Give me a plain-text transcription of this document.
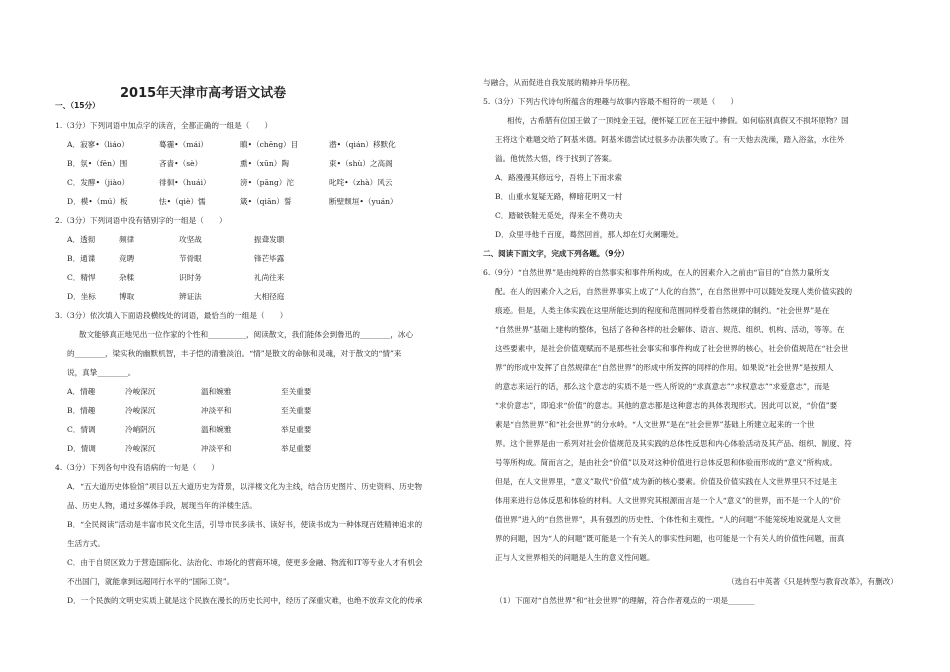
2015年天津市高考语文试卷
一、（15分）
1.（3分）下列词语中加点字的读音，全都正确的一组是（　　）
A．寂寥•（liáo）	蓦霾•（mái）	瞋•（chēng）目	潜•（qián）移默化
B．氛•（fēn）围	吝啬•（sè）	熏•（xūn）陶	束•（shù）之高阁
C．发酵•（jiào）	徘徊•（huái）	滂•（pāng）沱	叱咤•（zhà）风云
D．模•（mú）板	怯•（qiè）懦	箴•（qiān）誓	断壁颓垣•（yuán）
2.（3分）下列词语中没有错别字的一组是（　　）
A．透彻	频律	攻坚战	振聋发聩
B．通谍	竞聘	节骨眼	锋芒毕露
C．精悍	杂糅	识时务	礼尚往来
D．坐标	博取	辨证法	大相径庭
3.（3分）依次填入下面语段横线处的词语，最恰当的一组是（　　）
散文能够真正地见出一位作家的个性和__________，阅读散文，我们能体会到鲁迅的________，冰心
的________，梁实秋的幽默机智，丰子恺的清雅淡泊。“情”是散文的命脉和灵魂，对于散文的“情”来
说，真挚________。
A．情趣	冷峻深沉	温和婉雅	至关重要
B．情趣	冷峻深沉	冲淡平和	至关重要
C．情调	冷峭阴沉	温和婉雅	举足重要
D．情调	冷峻深沉	冲淡平和	举足重要
4.（3分）下列各句中没有语病的一句是（　　）
A．“五大道历史体验馆”项目以五大道历史为背景，以洋楼文化为主线，结合历史图片、历史资料、历史物
品、历史人物，通过多媒体手段，展现当年的洋楼生活。
B．“全民阅读”活动是丰富市民文化生活，引导市民多读书、读好书，使读书成为一种体现百姓精神追求的
生活方式。
C．由于自贸区致力于营造国际化、法治化、市场化的营商环境，使更多金融、物流和IT等专业人才有机会
不出国门，就能拿到远超同行水平的“国际工资”。
D．一个民族的文明史实质上就是这个民族在漫长的历史长河中，经历了深重灾难，也绝不放弃文化的传承
与融合，从而促进自我发展的精神升华历程。
5.（3分）下列古代诗句所蕴含的理趣与故事内容最不相符的一项是（　　）
相传，古希腊有位国王做了一顶纯金王冠，便怀疑工匠在王冠中掺假。如何临别真假又不损坏原物？国
王将这个难题交给了阿基米德。阿基米德尝试过很多办法都失败了。有一天他去洗澡，踏入浴盆，水往外
溢。他恍然大悟，终于找到了答案。
A．路漫漫其修远兮，吾将上下而求索
B．山重水复疑无路，柳暗花明又一村
C．踏破铁鞋无觅处，得来全不费功夫
D．众里寻他千百度，蓦然回首，那人却在灯火阑珊处。
二、阅读下面文字，完成下列各题。（9分）
6.（9分）“自然世界”是由纯粹的自然事实和事件所构成，在人的因素介入之前由“盲目的”自然力量所支
配。在人的因素介入之后，自然世界事实上成了“人化的自然”，在自然世界中可以随处发现人类价值实践的
痕迹。但是，人类主体实践在这里所能达到的程度和范围同样受着自然规律的制约。“社会世界”是在
“自然世界”基础上建构的整体，包括了各种各样的社会解体、语言、规范、组织、机构、活动，等等。在
这些要素中，是社会价值观赋而不是那些社会事实和事件构成了社会世界的核心，社会价值规范在“社会世
界”的形成中发挥了自然规律在“自然世界”的形成中所发挥的同样的作用。如果说“社会世界”是按照人
的意志来运行的话，那么这个意志的实质不是一些人所说的“求真意志”“求权意志”“求爱意志”，而是
“求价意志”，即追求“价值”的意志。其他的意志都是这种意志的具体表现形式。因此可以说，“价值”要
素是“自然世界”和“社会世界”的分水岭。“人文世界”是在“社会世界”基础上所建立起来的一个世
界。这个世界是由一系列对社会价值规范及其实践的总体性反思和内心体验活动及其产品、组织、制度、符
号等所构成。简而言之，是由社会“价值”以及对这种价值进行总体反思和体验而形成的“意义”所构成。
但是，在人文世界里，“意义”取代“价值”成为新的核心要素。价值及价值实践在人文世界里只不过是主
体用来进行总体反思和体验的材料。人文世界究其根源而言是一个人“意义”的世界，而不是一个人的“价
值世界”进入的“自然世界”，具有强烈的历史性、个体性和主观性。“人的问题”不能笼统地说就是人文世
界的问题，因为“人的问题”既可能是一个有关人的事实性问题，也可能是一个有关人的价值性问题，而真
正与人文世界相关的问题是人生的意义性问题。
（选自石中英著《只是转型与教育改革》，有删改）
（1）下面对“自然世界”和“社会世界”的理解，符合作者观点的一项是_______
